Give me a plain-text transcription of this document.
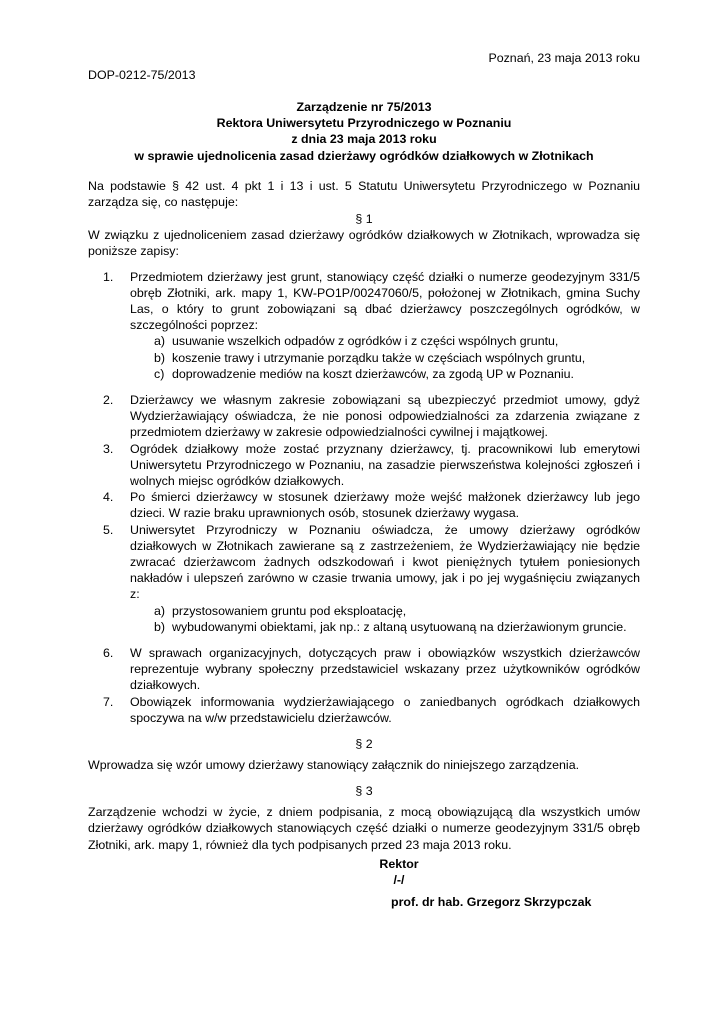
Poznań, 23 maja 2013 roku
DOP-0212-75/2013
Zarządzenie nr 75/2013
Rektora Uniwersytetu Przyrodniczego w Poznaniu
z dnia 23 maja 2013 roku
w sprawie ujednolicenia zasad dzierżawy ogródków działkowych w Złotnikach

Na podstawie § 42 ust. 4 pkt 1 i 13 i ust. 5 Statutu Uniwersytetu Przyrodniczego w Poznaniu zarządza się, co następuje:

§ 1

W związku z ujednoliceniem zasad dzierżawy ogródków działkowych w Złotnikach, wprowadza się poniższe zapisy:

1. Przedmiotem dzierżawy jest grunt, stanowiący część działki o numerze geodezyjnym 331/5 obręb Złotniki, ark. mapy 1, KW-PO1P/00247060/5, położonej w Złotnikach, gmina Suchy Las, o który to grunt zobowiązani są dbać dzierżawcy poszczególnych ogródków, w szczególności poprzez:
a) usuwanie wszelkich odpadów z ogródków i z części wspólnych gruntu,
b) koszenie trawy i utrzymanie porządku także w częściach wspólnych gruntu,
c) doprowadzenie mediów na koszt dzierżawców, za zgodą UP w Poznaniu.
2. Dzierżawcy we własnym zakresie zobowiązani są ubezpieczyć przedmiot umowy, gdyż Wydzierżawiający oświadcza, że nie ponosi odpowiedzialności za zdarzenia związane z przedmiotem dzierżawy w zakresie odpowiedzialności cywilnej i majątkowej.
3. Ogródek działkowy może zostać przyznany dzierżawcy, tj. pracownikowi lub emerytowi Uniwersytetu Przyrodniczego w Poznaniu, na zasadzie pierwszeństwa kolejności zgłoszeń i wolnych miejsc ogródków działkowych.
4. Po śmierci dzierżawcy w stosunek dzierżawy może wejść małżonek dzierżawcy lub jego dzieci. W razie braku uprawnionych osób, stosunek dzierżawy wygasa.
5. Uniwersytet Przyrodniczy w Poznaniu oświadcza, że umowy dzierżawy ogródków działkowych w Złotnikach zawierane są z zastrzeżeniem, że Wydzierżawiający nie będzie zwracać dzierżawcom żadnych odszkodowań i kwot pieniężnych tytułem poniesionych nakładów i ulepszeń zarówno w czasie trwania umowy, jak i po jej wygaśnięciu związanych z:
a) przystosowaniem gruntu pod eksploatację,
b) wybudowanymi obiektami, jak np.: z altaną usytuowaną na dzierżawionym gruncie.
6. W sprawach organizacyjnych, dotyczących praw i obowiązków wszystkich dzierżawców reprezentuje wybrany społeczny przedstawiciel wskazany przez użytkowników ogródków działkowych.
7. Obowiązek informowania wydzierżawiającego o zaniedbanych ogródkach działkowych spoczywa na w/w przedstawicielu dzierżawców.
§ 2

Wprowadza się wzór umowy dzierżawy stanowiący załącznik do niniejszego zarządzenia.

§ 3

Zarządzenie wchodzi w życie, z dniem podpisania, z mocą obowiązującą dla wszystkich umów dzierżawy ogródków działkowych stanowiących część działki o numerze geodezyjnym 331/5 obręb Złotniki, ark. mapy 1, również dla tych podpisanych przed 23 maja 2013 roku.

Rektor
/-/
prof. dr hab. Grzegorz Skrzypczak
